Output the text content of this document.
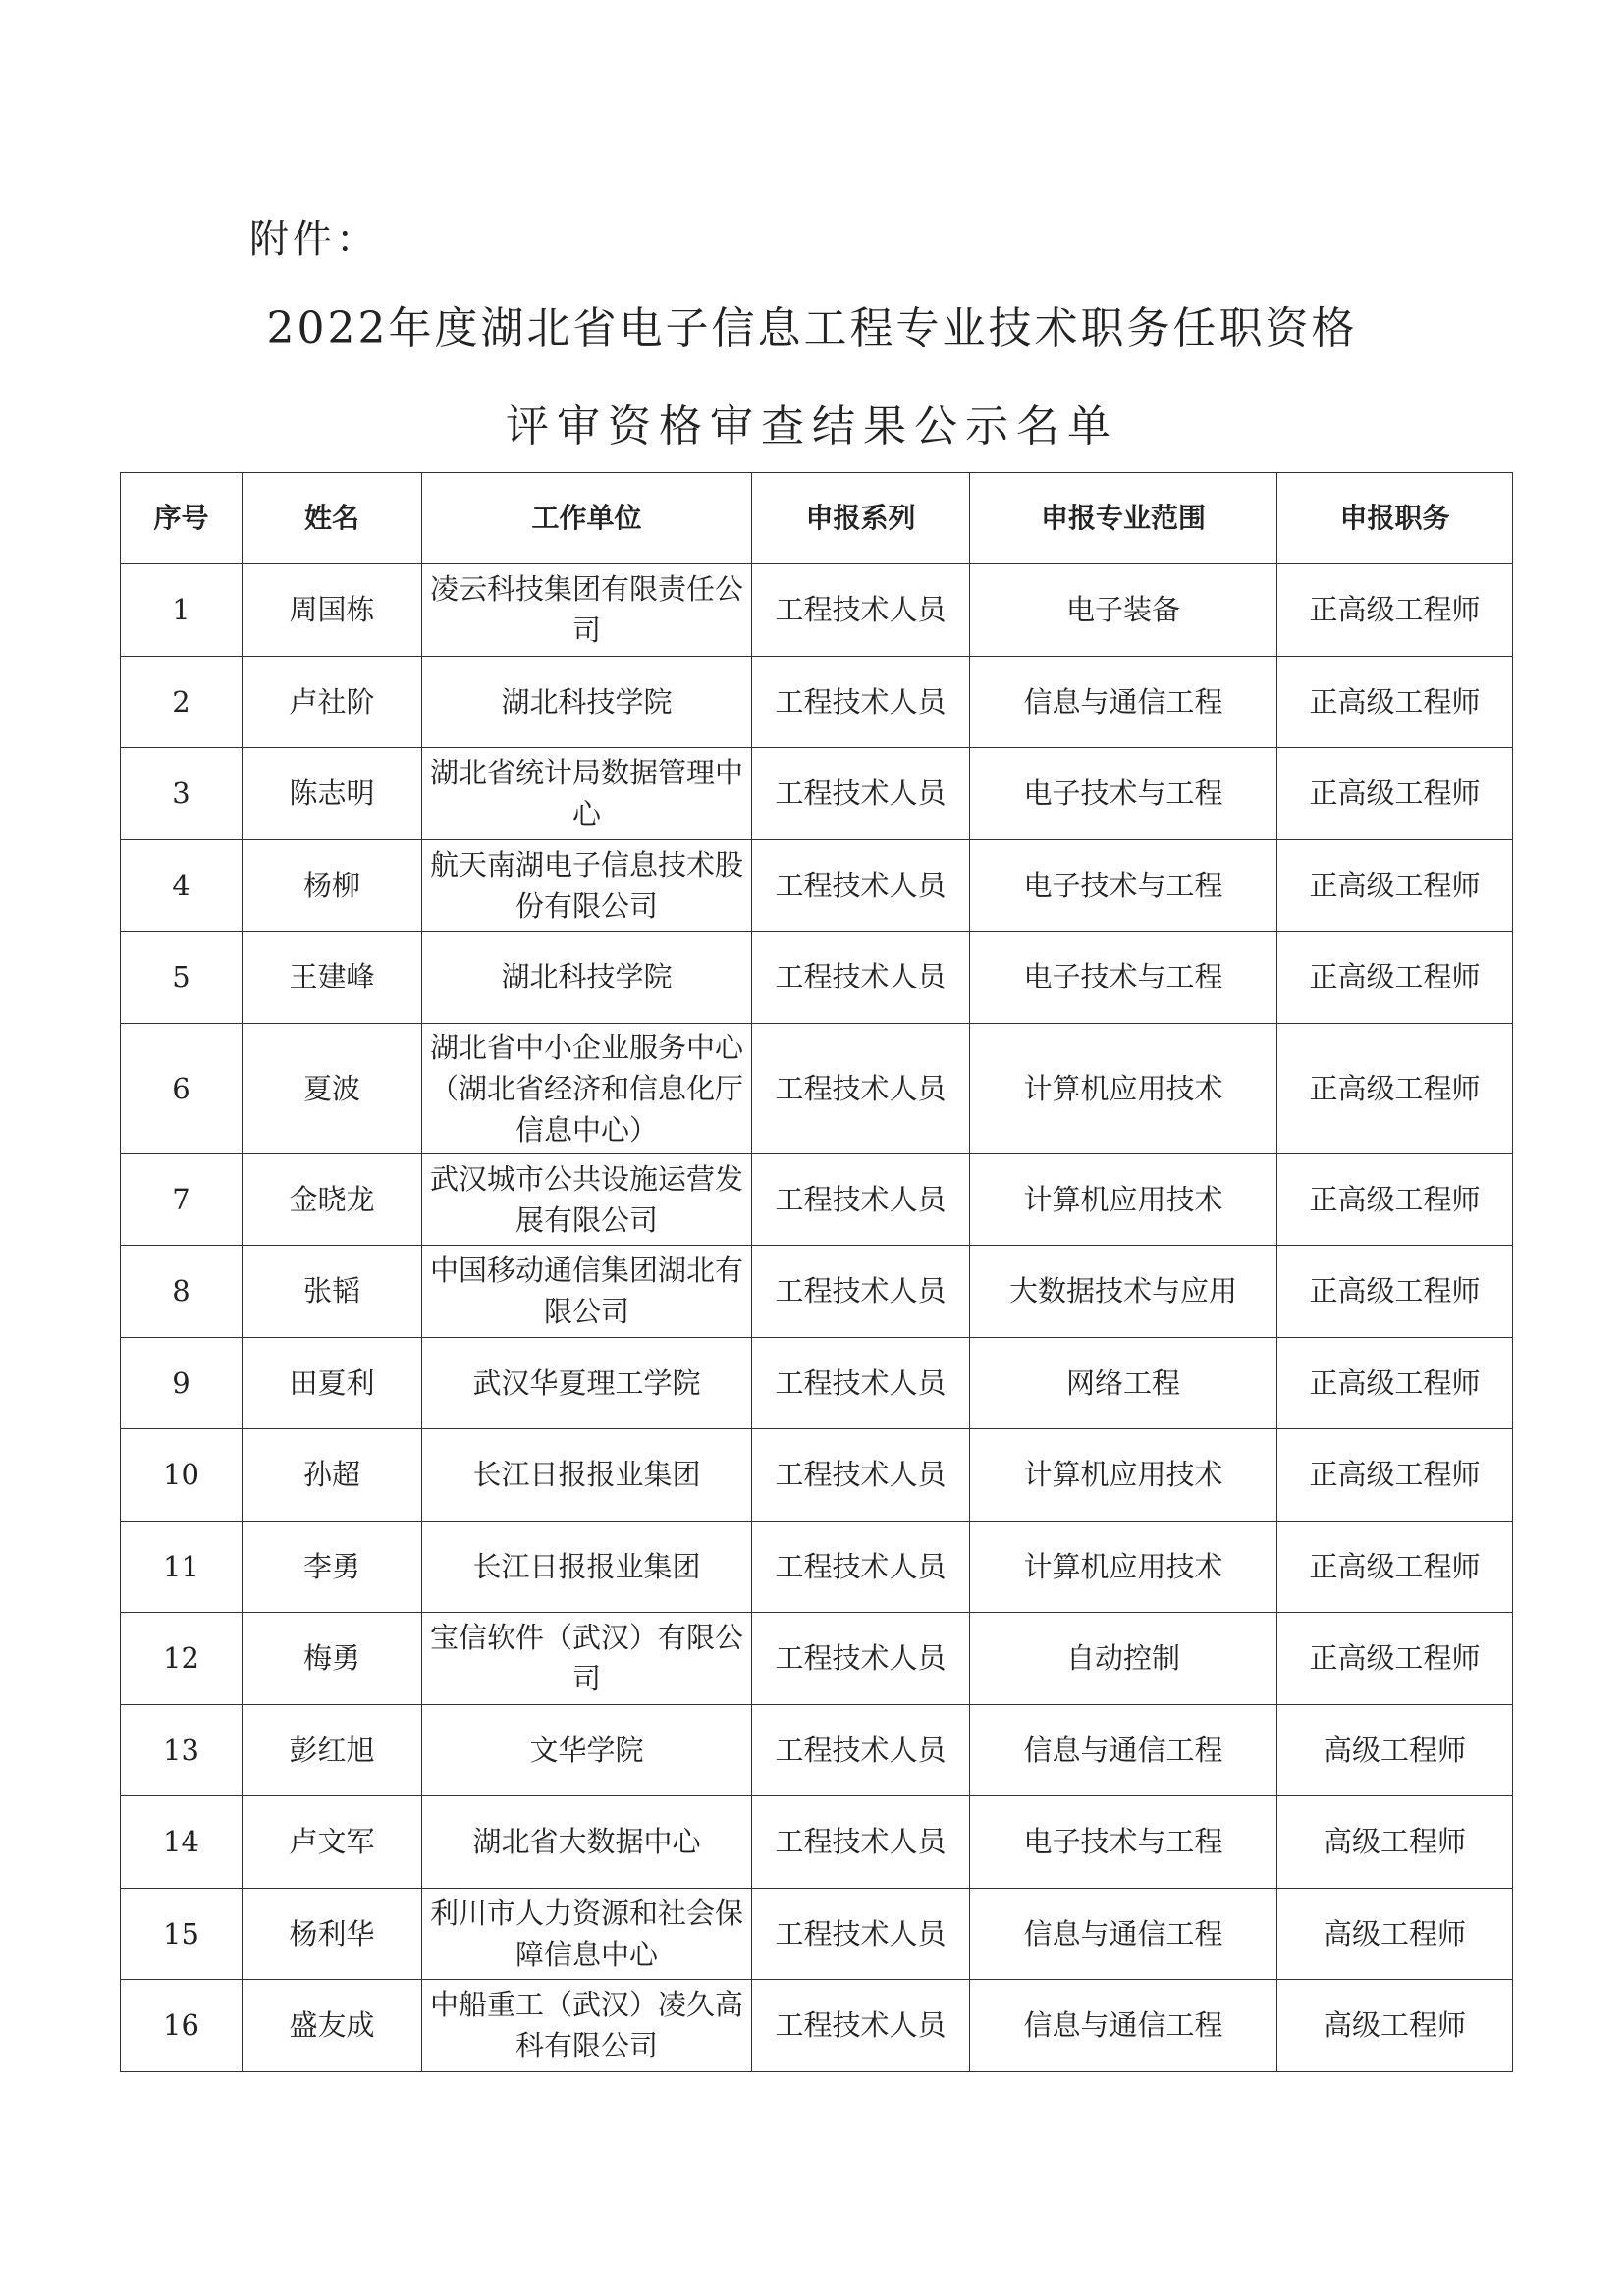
附件：
2022年度湖北省电子信息工程专业技术职务任职资格
评审资格审查结果公示名单
序号	姓名	工作单位	申报系列	申报专业范围	申报职务
1	周国栋	凌云科技集团有限责任公司	工程技术人员	电子装备	正高级工程师
2	卢社阶	湖北科技学院	工程技术人员	信息与通信工程	正高级工程师
3	陈志明	湖北省统计局数据管理中心	工程技术人员	电子技术与工程	正高级工程师
4	杨柳	航天南湖电子信息技术股份有限公司	工程技术人员	电子技术与工程	正高级工程师
5	王建峰	湖北科技学院	工程技术人员	电子技术与工程	正高级工程师
6	夏波	湖北省中小企业服务中心（湖北省经济和信息化厅信息中心）	工程技术人员	计算机应用技术	正高级工程师
7	金晓龙	武汉城市公共设施运营发展有限公司	工程技术人员	计算机应用技术	正高级工程师
8	张韬	中国移动通信集团湖北有限公司	工程技术人员	大数据技术与应用	正高级工程师
9	田夏利	武汉华夏理工学院	工程技术人员	网络工程	正高级工程师
10	孙超	长江日报报业集团	工程技术人员	计算机应用技术	正高级工程师
11	李勇	长江日报报业集团	工程技术人员	计算机应用技术	正高级工程师
12	梅勇	宝信软件（武汉）有限公司	工程技术人员	自动控制	正高级工程师
13	彭红旭	文华学院	工程技术人员	信息与通信工程	高级工程师
14	卢文军	湖北省大数据中心	工程技术人员	电子技术与工程	高级工程师
15	杨利华	利川市人力资源和社会保障信息中心	工程技术人员	信息与通信工程	高级工程师
16	盛友成	中船重工（武汉）凌久高科有限公司	工程技术人员	信息与通信工程	高级工程师
